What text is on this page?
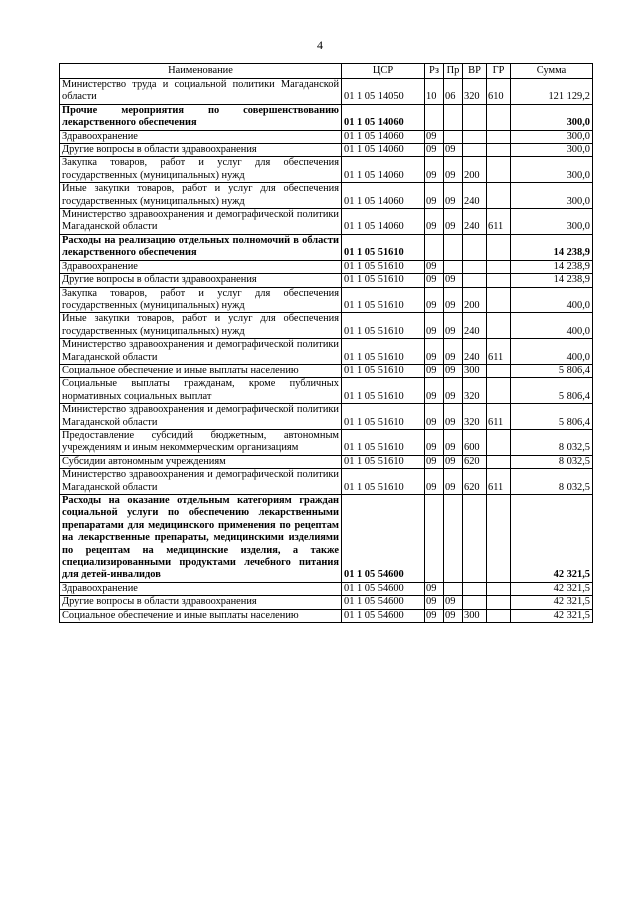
4
Наименование	ЦСР	Рз	Пр	ВР	ГР	Сумма
Министерство труда и социальной политики Магаданской области	01 1 05 14050	10	06	320	610	121 129,2
Прочие мероприятия по совершенствованию лекарственного обеспечения	01 1 05 14060					300,0
Здравоохранение	01 1 05 14060	09				300,0
Другие вопросы в области здравоохранения	01 1 05 14060	09	09			300,0
Закупка товаров, работ и услуг для обеспечения государственных (муниципальных) нужд	01 1 05 14060	09	09	200		300,0
Иные закупки товаров, работ и услуг для обеспечения государственных (муниципальных) нужд	01 1 05 14060	09	09	240		300,0
Министерство здравоохранения и демографической политики Магаданской области	01 1 05 14060	09	09	240	611	300,0
Расходы на реализацию отдельных полномочий в области лекарственного обеспечения	01 1 05 51610					14 238,9
Здравоохранение	01 1 05 51610	09				14 238,9
Другие вопросы в области здравоохранения	01 1 05 51610	09	09			14 238,9
Закупка товаров, работ и услуг для обеспечения государственных (муниципальных) нужд	01 1 05 51610	09	09	200		400,0
Иные закупки товаров, работ и услуг для обеспечения государственных (муниципальных) нужд	01 1 05 51610	09	09	240		400,0
Министерство здравоохранения и демографической политики Магаданской области	01 1 05 51610	09	09	240	611	400,0
Социальное обеспечение и иные выплаты населению	01 1 05 51610	09	09	300		5 806,4
Социальные выплаты гражданам, кроме публичных нормативных социальных выплат	01 1 05 51610	09	09	320		5 806,4
Министерство здравоохранения и демографической политики Магаданской области	01 1 05 51610	09	09	320	611	5 806,4
Предоставление субсидий бюджетным, автономным учреждениям и иным некоммерческим организациям	01 1 05 51610	09	09	600		8 032,5
Субсидии автономным учреждениям	01 1 05 51610	09	09	620		8 032,5
Министерство здравоохранения и демографической политики Магаданской области	01 1 05 51610	09	09	620	611	8 032,5
Расходы на оказание отдельным категориям граждан социальной услуги по обеспечению лекарственными препаратами для медицинского применения по рецептам на лекарственные препараты, медицинскими изделиями по рецептам на медицинские изделия, а также специализированными продуктами лечебного питания для детей-инвалидов	01 1 05 54600					42 321,5
Здравоохранение	01 1 05 54600	09				42 321,5
Другие вопросы в области здравоохранения	01 1 05 54600	09	09			42 321,5
Социальное обеспечение и иные выплаты населению	01 1 05 54600	09	09	300		42 321,5
